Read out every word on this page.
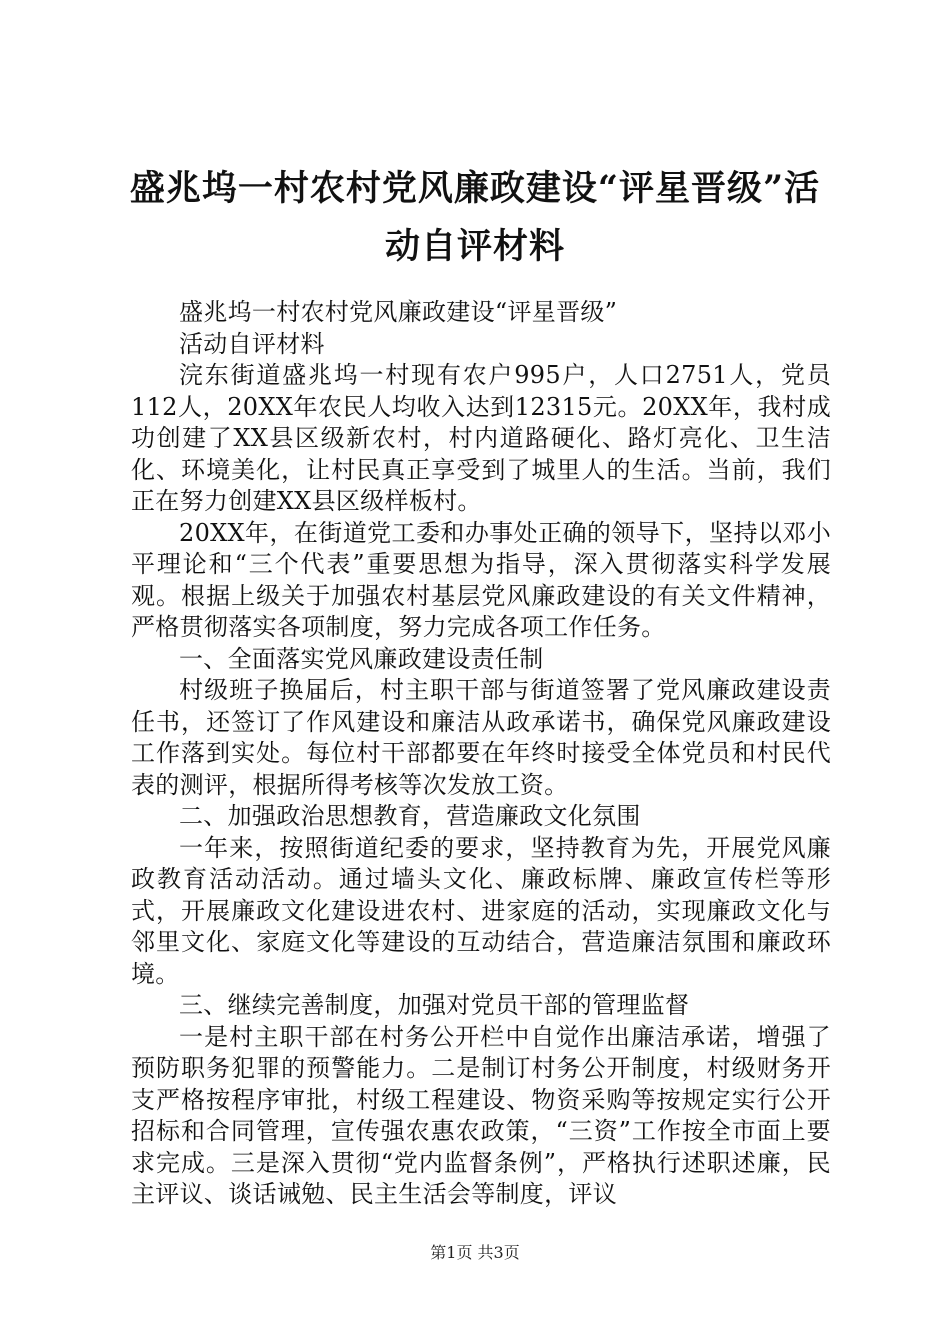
盛兆坞一村农村党风廉政建设“评星晋级”活
动自评材料

盛兆坞一村农村党风廉政建设“评星晋级”

活动自评材料

浣东街道盛兆坞一村现有农户995户，人口2751人，党员112人，20XX年农民人均收入达到12315元。20XX年，我村成功创建了XX县区级新农村，村内道路硬化、路灯亮化、卫生洁化、环境美化，让村民真正享受到了城里人的生活。当前，我们正在努力创建XX县区级样板村。

20XX年，在街道党工委和办事处正确的领导下，坚持以邓小平理论和“三个代表”重要思想为指导，深入贯彻落实科学发展观。根据上级关于加强农村基层党风廉政建设的有关文件精神，严格贯彻落实各项制度，努力完成各项工作任务。

一、全面落实党风廉政建设责任制

村级班子换届后，村主职干部与街道签署了党风廉政建设责任书，还签订了作风建设和廉洁从政承诺书，确保党风廉政建设工作落到实处。每位村干部都要在年终时接受全体党员和村民代表的测评，根据所得考核等次发放工资。

二、加强政治思想教育，营造廉政文化氛围

一年来，按照街道纪委的要求，坚持教育为先，开展党风廉政教育活动活动。通过墙头文化、廉政标牌、廉政宣传栏等形式，开展廉政文化建设进农村、进家庭的活动，实现廉政文化与邻里文化、家庭文化等建设的互动结合，营造廉洁氛围和廉政环境。

三、继续完善制度，加强对党员干部的管理监督

一是村主职干部在村务公开栏中自觉作出廉洁承诺，增强了预防职务犯罪的预警能力。二是制订村务公开制度，村级财务开支严格按程序审批，村级工程建设、物资采购等按规定实行公开招标和合同管理，宣传强农惠农政策，“三资”工作按全市面上要求完成。三是深入贯彻“党内监督条例”，严格执行述职述廉，民主评议、谈话诫勉、民主生活会等制度，评议

第1页 共3页
